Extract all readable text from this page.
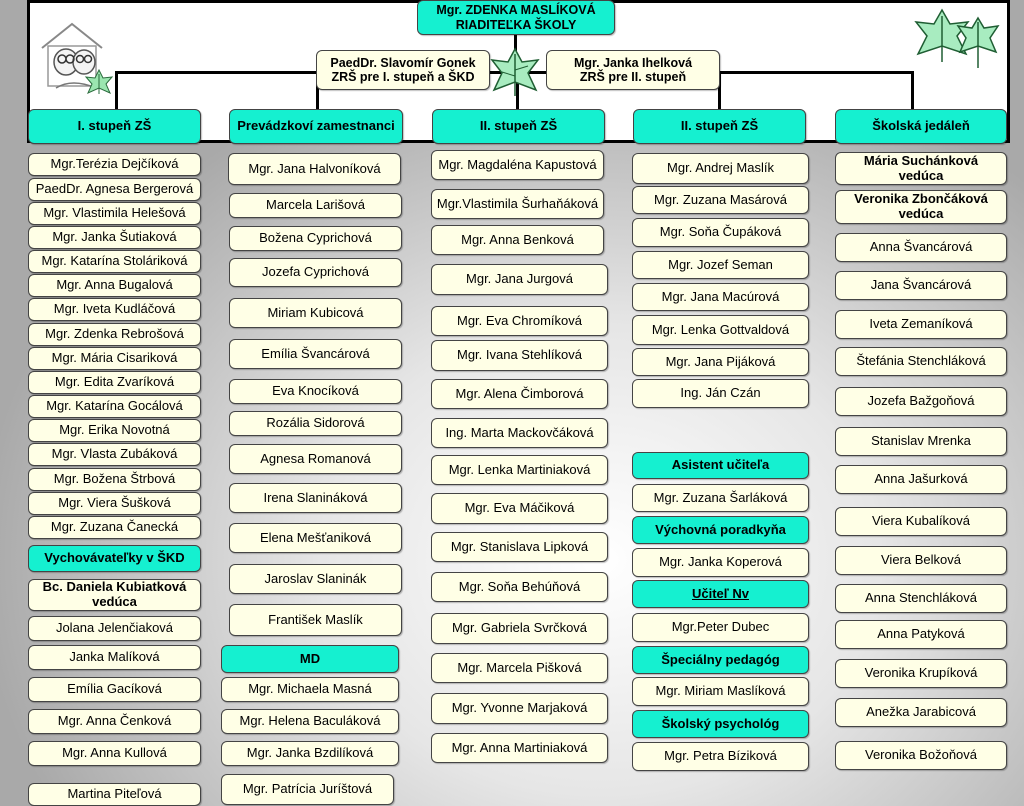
Mgr. ZDENKA MASLÍKOVÁ
RIADITEĽKA ŠKOLY
PaedDr. Slavomír Gonek
ZRŠ pre I. stupeň a ŠKD
Mgr. Janka Ihelková
ZRŠ pre II. stupeň
I. stupeň ZŠ	Prevádzkoví zamestnanci	II. stupeň ZŠ	II. stupeň ZŠ	Školská jedáleň
Mgr.Terézia Dejčíková
PaedDr. Agnesa Bergerová
Mgr. Vlastimila Helešová
Mgr. Janka Šutiaková
Mgr. Katarína Stoláriková
Mgr. Anna Bugalová
Mgr. Iveta Kudláčová
Mgr. Zdenka Rebrošová
Mgr. Mária Cisariková
Mgr. Edita Zvaríková
Mgr. Katarína Gocálová
Mgr. Erika Novotná
Mgr. Vlasta Zubáková
Mgr. Božena Štrbová
Mgr. Viera Šušková
Mgr. Zuzana Čanecká
Vychovávateľky v ŠKD
Bc. Daniela Kubiatková vedúca
Jolana Jelenčiaková
Janka Malíková
Emília Gacíková
Mgr. Anna Čenková
Mgr. Anna Kullová
Martina Piteľová
Mgr. Jana Halvoníková
Marcela Larišová
Božena Cyprichová
Jozefa Cyprichová
Miriam Kubicová
Emília Švancárová
Eva Knocíková
Rozália Sidorová
Agnesa Romanová
Irena Slanináková
Elena Mešťaniková
Jaroslav Slaninák
František Maslík
MD
Mgr. Michaela Masná
Mgr. Helena Baculáková
Mgr. Janka Bzdilíková
Mgr. Patrícia Juríštová
Mgr. Magdaléna Kapustová
Mgr.Vlastimila Šurhaňáková
Mgr. Anna Benková
Mgr. Jana Jurgová
Mgr. Eva Chromíková
Mgr. Ivana Stehlíková
Mgr. Alena Čimborová
Ing. Marta Mackovčáková
Mgr. Lenka Martiniaková
Mgr. Eva Máčiková
Mgr. Stanislava Lipková
Mgr. Soňa Behúňová
Mgr. Gabriela Svrčková
Mgr. Marcela Pišková
Mgr. Yvonne Marjaková
Mgr. Anna Martiniaková
Mgr. Andrej Maslík
Mgr. Zuzana Masárová
Mgr. Soňa Čupáková
Mgr. Jozef Seman
Mgr. Jana Macúrová
Mgr. Lenka Gottvaldová
Mgr. Jana Pijáková
Ing. Ján Czán
Asistent učiteľa
Mgr. Zuzana Šarláková
Výchovná poradkyňa
Mgr. Janka Koperová
Učiteľ Nv
Mgr.Peter Dubec
Špeciálny pedagóg
Mgr. Miriam Maslíková
Školský psychológ
Mgr. Petra Bíziková
Mária Suchánková vedúca
Veronika Zbončáková vedúca
Anna Švancárová
Jana Švancárová
Iveta Zemaníková
Štefánia Stenchláková
Jozefa Bažgoňová
Stanislav Mrenka
Anna Jašurková
Viera Kubalíková
Viera Belková
Anna Stenchláková
Anna Patyková
Veronika Krupíková
Anežka Jarabicová
Veronika Božoňová
